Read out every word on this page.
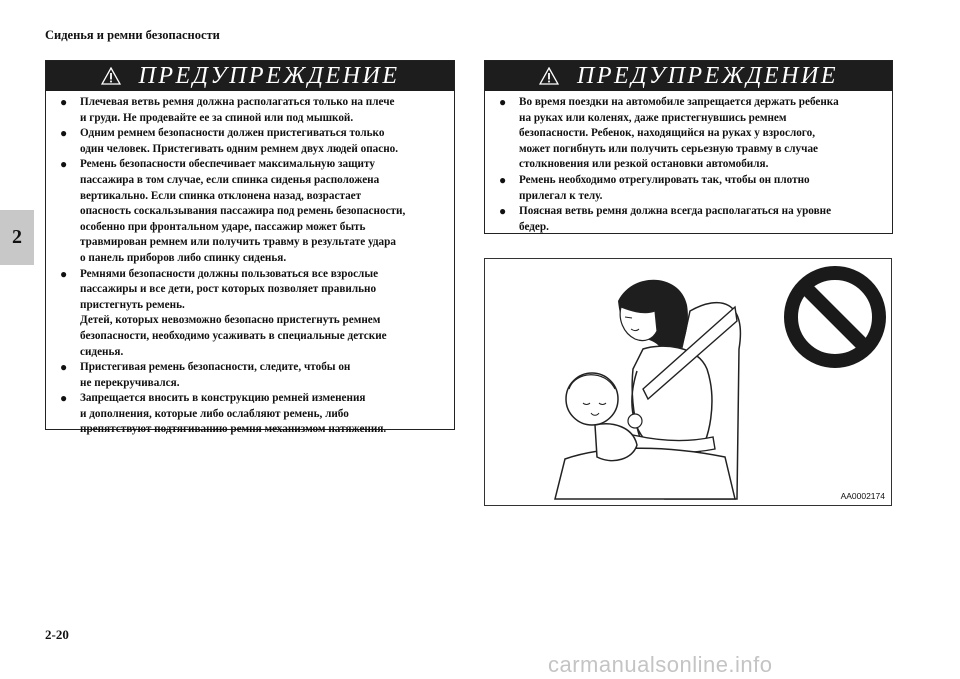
Сиденья и ремни безопасности
2
ПРЕДУПРЕЖДЕНИЕ
● Плечевая ветвь ремня должна располагаться только на плече
и груди. Не продевайте ее за спиной или под мышкой.
● Одним ремнем безопасности должен пристегиваться только
один человек. Пристегивать одним ремнем двух людей опасно.
● Ремень безопасности обеспечивает максимальную защиту
пассажира в том случае, если спинка сиденья расположена
вертикально. Если спинка отклонена назад, возрастает
опасность соскальзывания пассажира под ремень безопасности,
особенно при фронтальном ударе, пассажир может быть
травмирован ремнем или получить травму в результате удара
о панель приборов либо спинку сиденья.
● Ремнями безопасности должны пользоваться все взрослые
пассажиры и все дети, рост которых позволяет правильно
пристегнуть ремень.
Детей, которых невозможно безопасно пристегнуть ремнем
безопасности, необходимо усаживать в специальные детские
сиденья.
● Пристегивая ремень безопасности, следите, чтобы он
не перекручивался.
● Запрещается вносить в конструкцию ремней изменения
и дополнения, которые либо ослабляют ремень, либо
препятствуют подтягиванию ремня механизмом натяжения.
ПРЕДУПРЕЖДЕНИЕ
● Во время поездки на автомобиле запрещается держать ребенка
на руках или коленях, даже пристегнувшись ремнем
безопасности. Ребенок, находящийся на руках у взрослого,
может погибнуть или получить серьезную травму в случае
столкновения или резкой остановки автомобиля.
● Ремень необходимо отрегулировать так, чтобы он плотно
прилегал к телу.
● Поясная ветвь ремня должна всегда располагаться на уровне
бедер.
AA0002174
2-20
carmanualsonline.info
